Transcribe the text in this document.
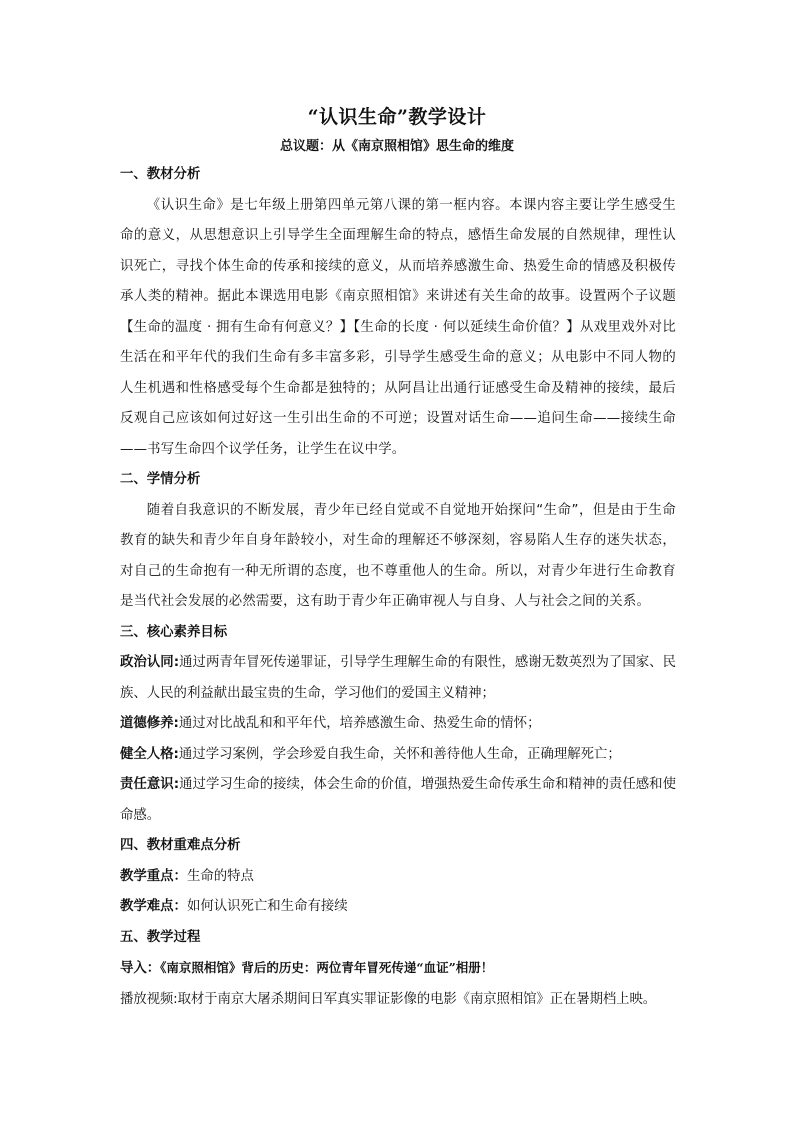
“认识生命”教学设计
总议题：从《南京照相馆》思生命的维度
一、教材分析
《认识生命》是七年级上册第四单元第八课的第一框内容。本课内容主要让学生感受生命的意义，从思想意识上引导学生全面理解生命的特点，感悟生命发展的自然规律，理性认识死亡，寻找个体生命的传承和接续的意义，从而培养感激生命、热爱生命的情感及积极传承人类的精神。据此本课选用电影《南京照相馆》来讲述有关生命的故事。设置两个子议题【生命的温度 · 拥有生命有何意义？】【生命的长度 · 何以延续生命价值？】从戏里戏外对比生活在和平年代的我们生命有多丰富多彩，引导学生感受生命的意义；从电影中不同人物的人生机遇和性格感受每个生命都是独特的；从阿昌让出通行证感受生命及精神的接续，最后反观自己应该如何过好这一生引出生命的不可逆；设置对话生命——追问生命——接续生命——书写生命四个议学任务，让学生在议中学。
二、学情分析
随着自我意识的不断发展，青少年已经自觉或不自觉地开始探问“生命”，但是由于生命教育的缺失和青少年自身年龄较小，对生命的理解还不够深刻，容易陷人生存的迷失状态，对自己的生命抱有一种无所谓的态度，也不尊重他人的生命。所以，对青少年进行生命教育是当代社会发展的必然需要，这有助于青少年正确审视人与自身、人与社会之间的关系。
三、核心素养目标
政治认同:通过两青年冒死传递罪证，引导学生理解生命的有限性，感谢无数英烈为了国家、民族、人民的利益献出最宝贵的生命，学习他们的爱国主义精神；
道德修养:通过对比战乱和和平年代，培养感激生命、热爱生命的情怀；
健全人格:通过学习案例，学会珍爱自我生命，关怀和善待他人生命，正确理解死亡；
责任意识:通过学习生命的接续，体会生命的价值，增强热爱生命传承生命和精神的责任感和使命感。
四、教材重难点分析
教学重点：生命的特点
教学难点：如何认识死亡和生命有接续
五、教学过程
导入：《南京照相馆》背后的历史：两位青年冒死传递“血证”相册！
播放视频:取材于南京大屠杀期间日军真实罪证影像的电影《南京照相馆》正在暑期档上映。
